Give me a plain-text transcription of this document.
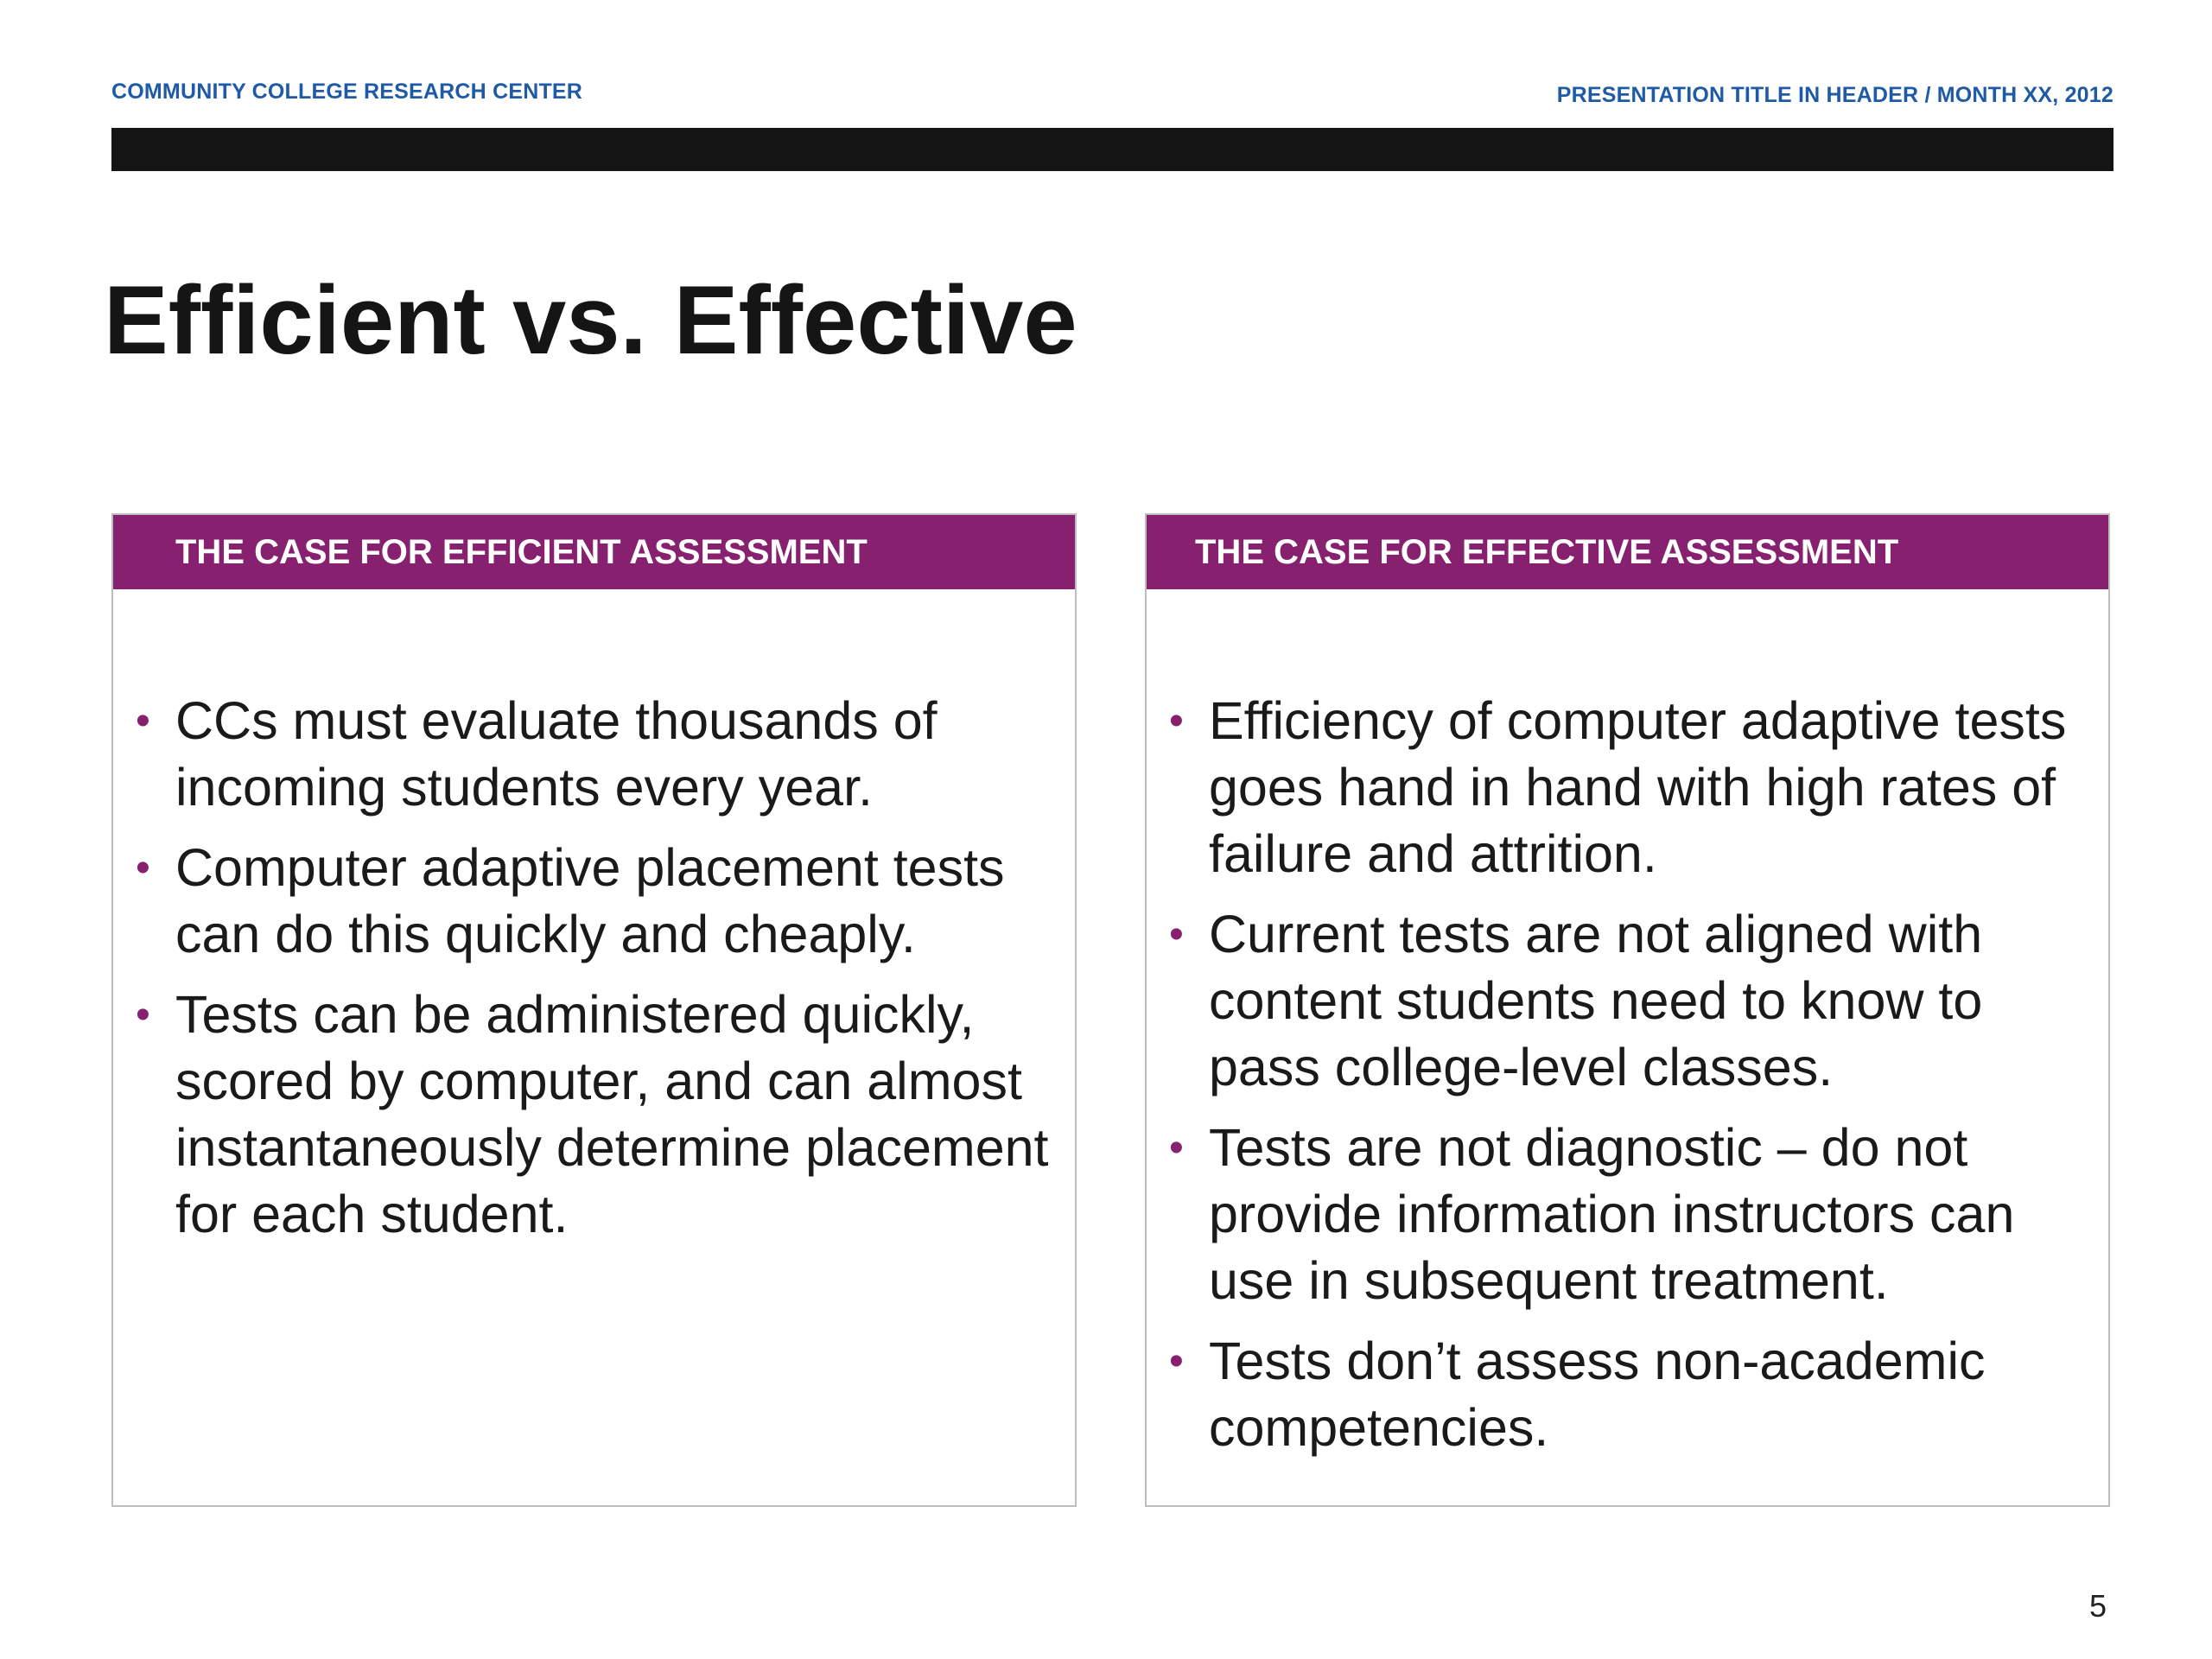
COMMUNITY COLLEGE RESEARCH CENTER	PRESENTATION TITLE IN HEADER / MONTH XX, 2012
Efficient vs. Effective
THE CASE FOR EFFICIENT ASSESSMENT
• CCs must evaluate thousands of incoming students every year.
• Computer adaptive placement tests can do this quickly and cheaply.
• Tests can be administered quickly, scored by computer, and can almost instantaneously determine placement for each student.
THE CASE FOR EFFECTIVE ASSESSMENT
• Efficiency of computer adaptive tests goes hand in hand with high rates of failure and attrition.
• Current tests are not aligned with content students need to know to pass college-level classes.
• Tests are not diagnostic – do not provide information instructors can use in subsequent treatment.
• Tests don’t assess non-academic competencies.
5
